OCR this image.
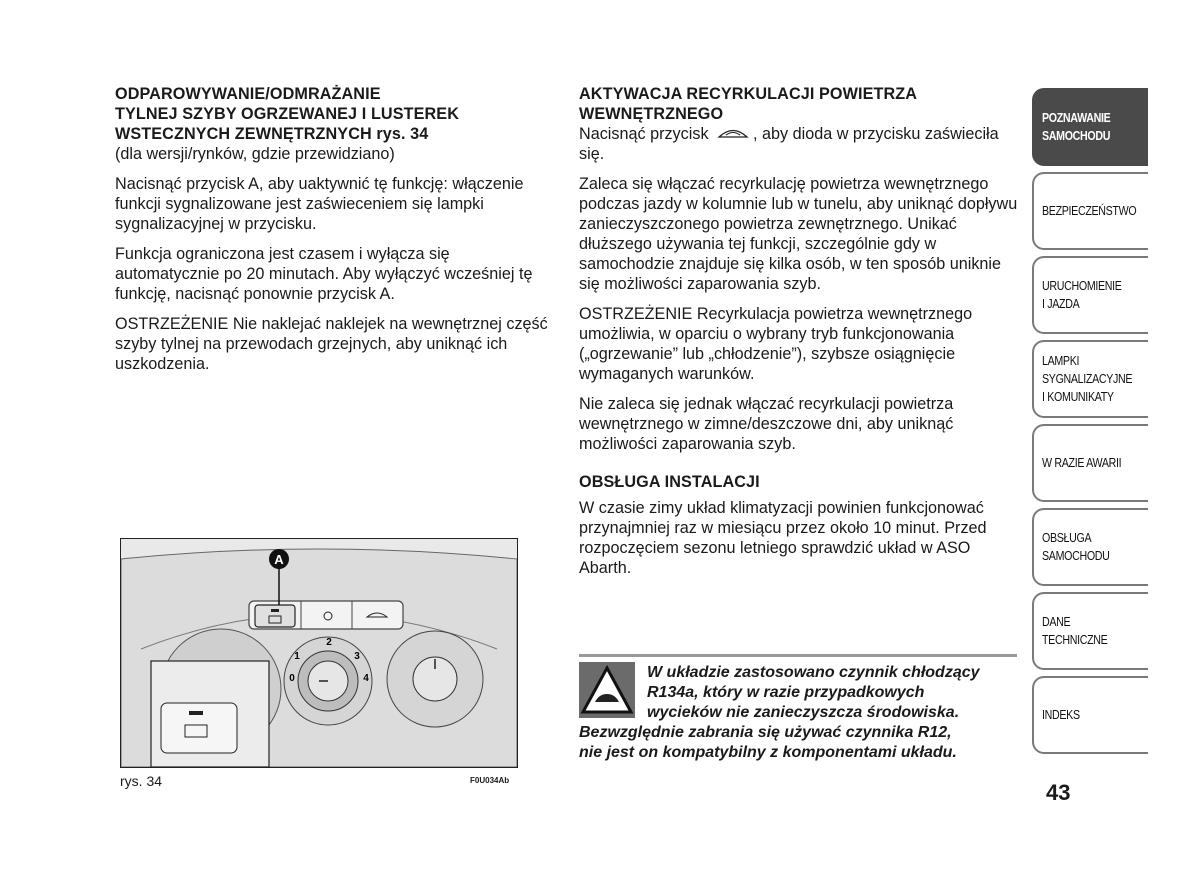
ODPAROWYWANIE/ODMRAŻANIE
TYLNEJ SZYBY OGRZEWANEJ I LUSTEREK
WSTECZNYCH ZEWNĘTRZNYCH rys. 34

(dla wersji/rynków, gdzie przewidziano)

Nacisnąć przycisk A, aby uaktywnić tę funkcję: włączenie funkcji sygnalizowane jest zaświeceniem się lampki sygnalizacyjnej w przycisku.

Funkcja ograniczona jest czasem i wyłącza się automatycznie po 20 minutach. Aby wyłączyć wcześniej tę funkcję, nacisnąć ponownie przycisk A.

OSTRZEŻENIE Nie naklejać naklejek na wewnętrznej część szyby tylnej na przewodach grzejnych, aby uniknąć ich uszkodzenia.

A
2
1	3
0	4
rys. 34	F0U034Ab
AKTYWACJA RECYRKULACJI POWIETRZA
WEWNĘTRZNEGO

Nacisnąć przycisk	, aby dioda w przycisku zaświeciła się.

Zaleca się włączać recyrkulację powietrza wewnętrznego podczas jazdy w kolumnie lub w tunelu, aby uniknąć dopływu zanieczyszczonego powietrza zewnętrznego. Unikać dłuższego używania tej funkcji, szczególnie gdy w samochodzie znajduje się kilka osób, w ten sposób uniknie się możliwości zaparowania szyb.

OSTRZEŻENIE Recyrkulacja powietrza wewnętrznego umożliwia, w oparciu o wybrany tryb funkcjonowania („ogrzewanie” lub „chłodzenie”), szybsze osiągnięcie wymaganych warunków.

Nie zaleca się jednak włączać recyrkulacji powietrza wewnętrznego w zimne/deszczowe dni, aby uniknąć możliwości zaparowania szyb.

OBSŁUGA INSTALACJI

W czasie zimy układ klimatyzacji powinien funkcjonować przynajmniej raz w miesiącu przez około 10 minut. Przed rozpoczęciem sezonu letniego sprawdzić układ w ASO Abarth.

W układzie zastosowano czynnik chłodzący
R134a, który w razie przypadkowych
wycieków nie zanieczyszcza środowiska.
Bezwzględnie zabrania się używać czynnika R12,
nie jest on kompatybilny z komponentami układu.
POZNAWANIE
SAMOCHODU
BEZPIECZEŃSTWO
URUCHOMIENIE
I JAZDA
LAMPKI
SYGNALIZACYJNE
I KOMUNIKATY
W RAZIE AWARII
OBSŁUGA
SAMOCHODU
DANE
TECHNICZNE
INDEKS
43
